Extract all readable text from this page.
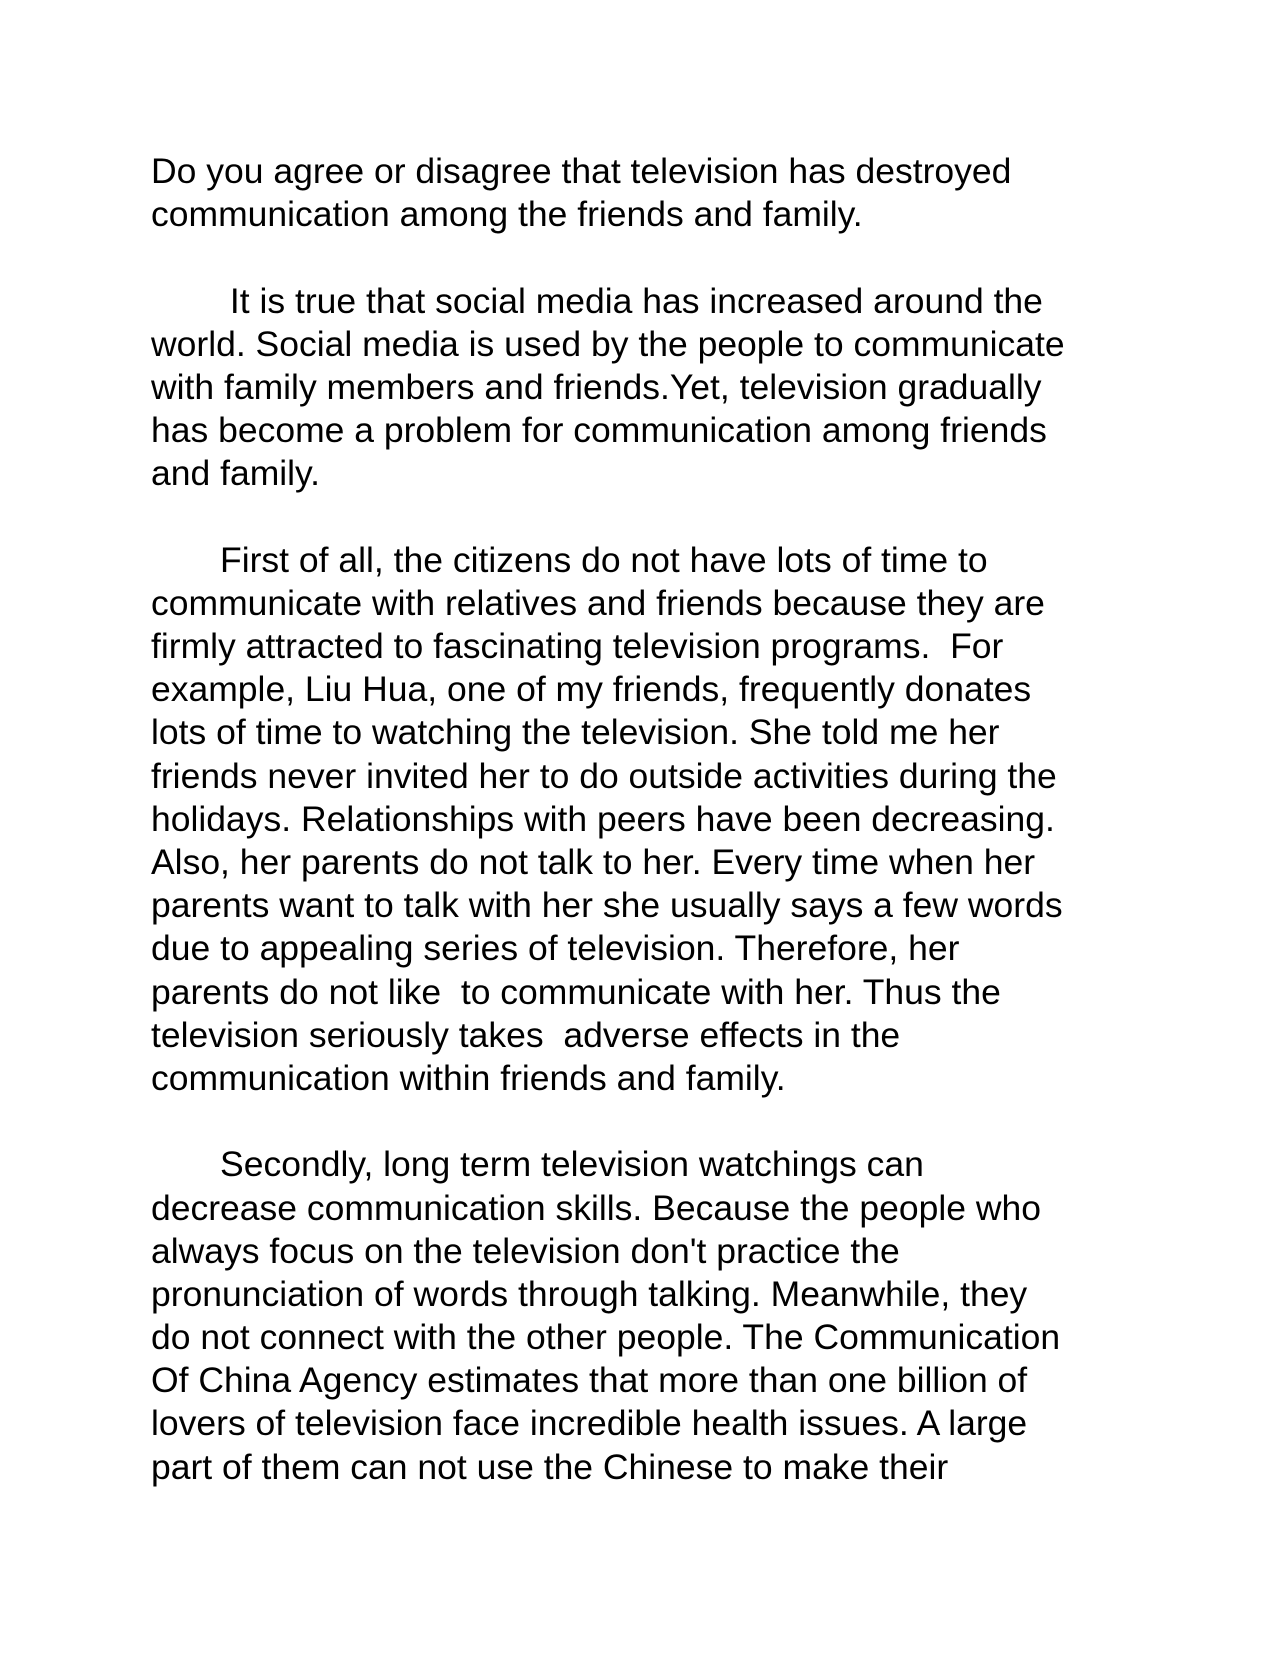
Do you agree or disagree that television has destroyed
communication among the friends and family.
It is true that social media has increased around the
world. Social media is used by the people to communicate
with family members and friends.Yet, television gradually
has become a problem for communication among friends
and family.
First of all, the citizens do not have lots of time to
communicate with relatives and friends because they are
firmly attracted to fascinating television programs.  For
example, Liu Hua, one of my friends, frequently donates
lots of time to watching the television. She told me her
friends never invited her to do outside activities during the
holidays. Relationships with peers have been decreasing.
Also, her parents do not talk to her. Every time when her
parents want to talk with her she usually says a few words
due to appealing series of television. Therefore, her
parents do not like  to communicate with her. Thus the
television seriously takes  adverse effects in the
communication within friends and family.
Secondly, long term television watchings can
decrease communication skills. Because the people who
always focus on the television don't practice the
pronunciation of words through talking. Meanwhile, they
do not connect with the other people. The Communication
Of China Agency estimates that more than one billion of
lovers of television face incredible health issues. A large
part of them can not use the Chinese to make their
